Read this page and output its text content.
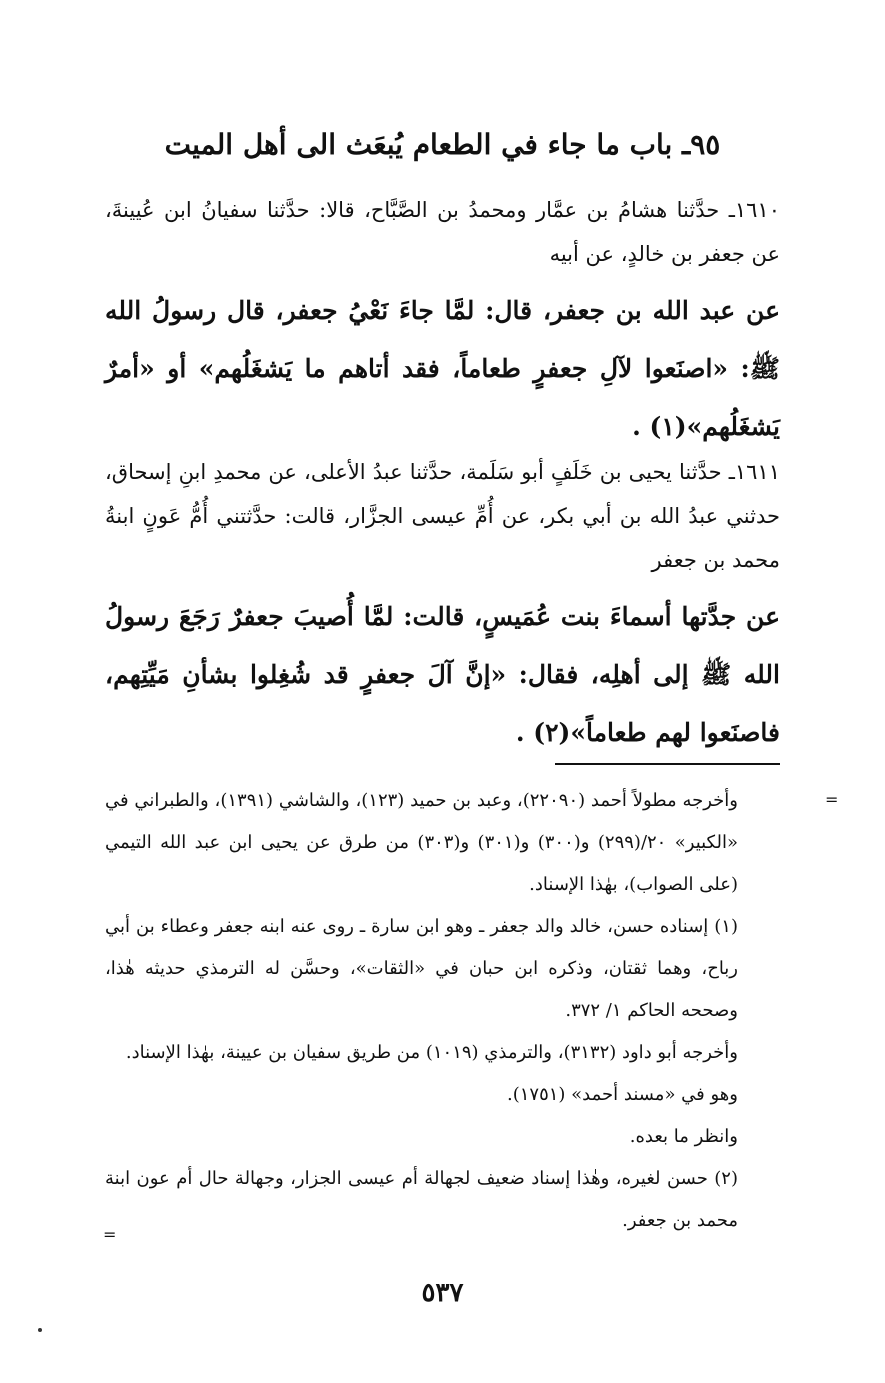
٩٥ـ باب ما جاء في الطعام يُبعَث الى أهل الميت
١٦١٠ـ حدَّثنا هشامُ بن عمَّار ومحمدُ بن الصَّبَّاح، قالا: حدَّثنا سفيانُ ابن عُيينةَ، عن جعفر بن خالدٍ، عن أبيه
عن عبد الله بن جعفر، قال: لمَّا جاءَ نَعْيُ جعفر، قال رسولُ الله ﷺ: «اصنَعوا لآلِ جعفرٍ طعاماً، فقد أتاهم ما يَشغَلُهم» أو «أمرٌ يَشغَلُهم»(١) .
١٦١١ـ حدَّثنا يحيى بن خَلَفٍ أبو سَلَمة، حدَّثنا عبدُ الأعلى، عن محمدِ ابنِ إسحاق، حدثني عبدُ الله بن أبي بكر، عن أُمِّ عيسى الجزَّار، قالت: حدَّثتني أُمُّ عَونٍ ابنةُ محمد بن جعفر
عن جدَّتها أسماءَ بنت عُمَيسٍ، قالت: لمَّا أُصيبَ جعفرٌ رَجَعَ رسولُ الله ﷺ إلى أهلِه، فقال: «إنَّ آلَ جعفرٍ قد شُغِلوا بشأنِ مَيِّتِهم، فاصنَعوا لهم طعاماً»(٢) .
=

وأخرجه مطولاً أحمد (٢٢٠٩٠)، وعبد بن حميد (١٢٣)، والشاشي (١٣٩١)، والطبراني في «الكبير» ٢٠/(٢٩٩) و(٣٠٠) و(٣٠١) و(٣٠٣) من طرق عن يحيى ابن عبد الله التيمي (على الصواب)، بهٰذا الإسناد.

(١) إسناده حسن، خالد والد جعفر ـ وهو ابن سارة ـ روى عنه ابنه جعفر وعطاء بن أبي رباح، وهما ثقتان، وذكره ابن حبان في «الثقات»، وحسَّن له الترمذي حديثه هٰذا، وصححه الحاكم ١/ ٣٧٢.

وأخرجه أبو داود (٣١٣٢)، والترمذي (١٠١٩) من طريق سفيان بن عيينة، بهٰذا الإسناد.

وهو في «مسند أحمد» (١٧٥١).

وانظر ما بعده.

(٢) حسن لغيره، وهٰذا إسناد ضعيف لجهالة أم عيسى الجزار، وجهالة حال أم عون ابنة محمد بن جعفر.

=
٥٣٧
